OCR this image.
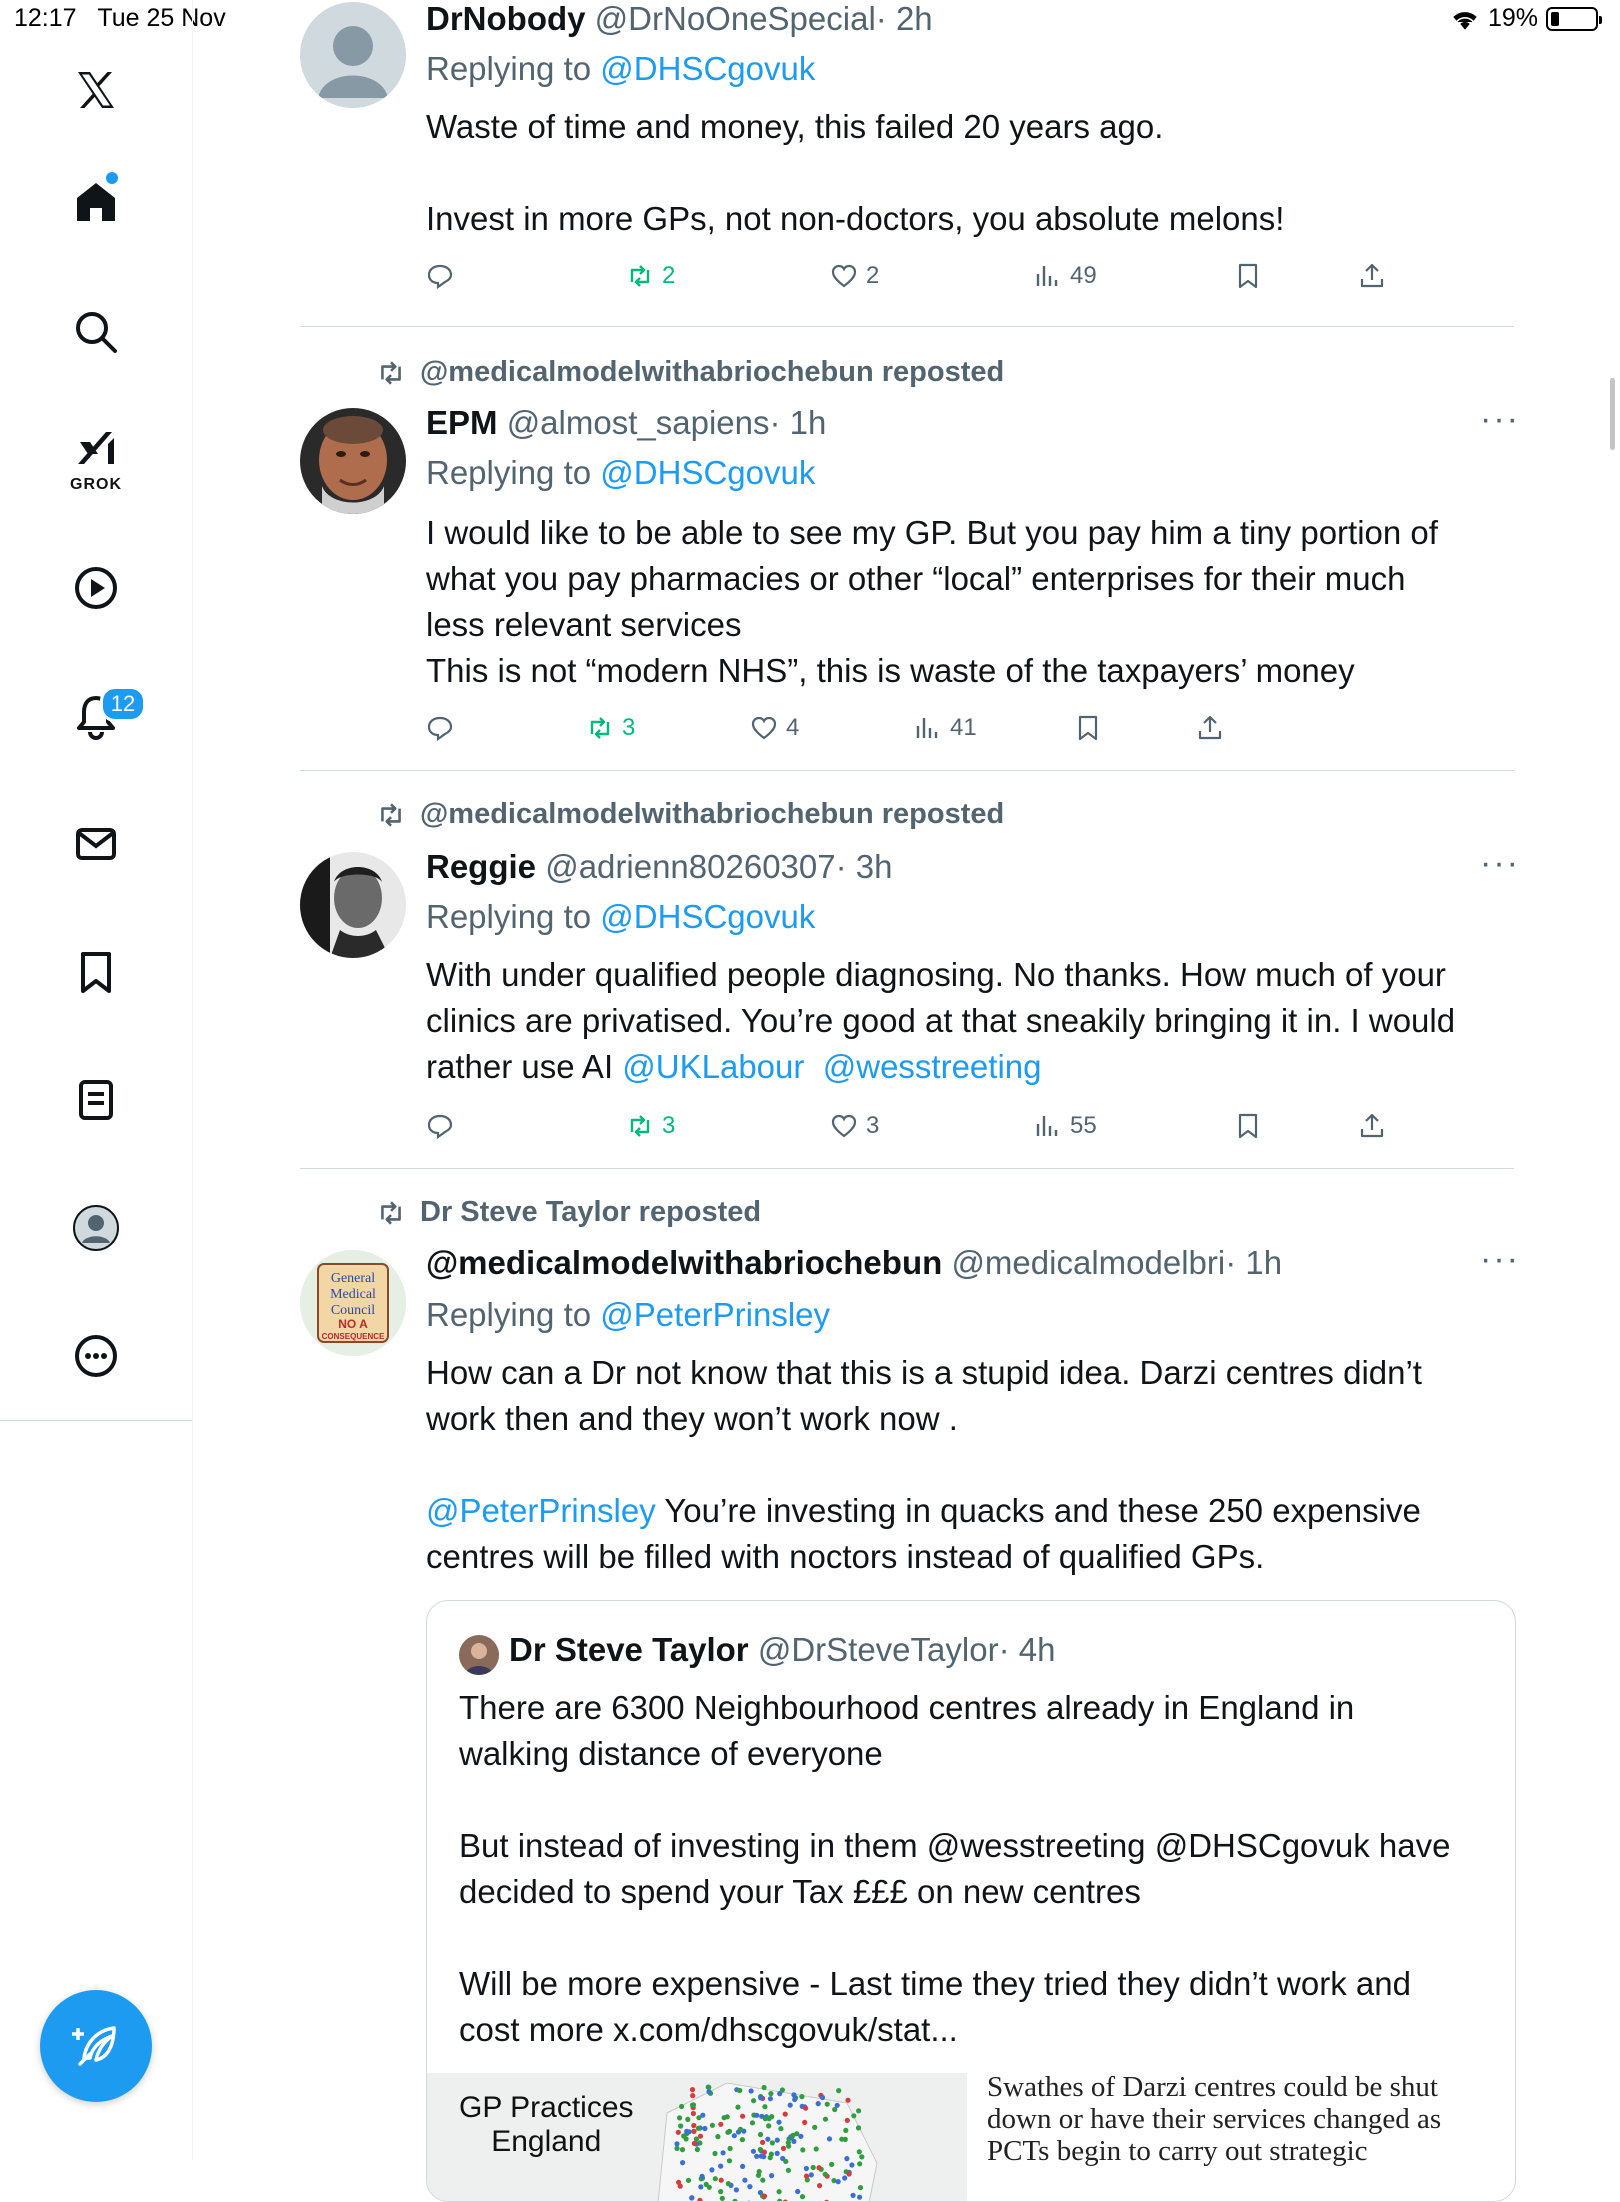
12:17 Tue 25 Nov	19%
GROK
12
DrNobody @DrNoOneSpecial· 2h
Replying to @DHSCgovuk
Waste of time and money, this failed 20 years ago.
Invest in more GPs, not non-doctors, you absolute melons!
2	2	49
@medicalmodelwithabriochebun reposted
EPM @almost_sapiens· 1h	···
Replying to @DHSCgovuk
I would like to be able to see my GP. But you pay him a tiny portion of
what you pay pharmacies or other “local” enterprises for their much
less relevant services
This is not “modern NHS”, this is waste of the taxpayers’ money
3	4	41
@medicalmodelwithabriochebun reposted
Reggie @adrienn80260307· 3h	···
Replying to @DHSCgovuk
With under qualified people diagnosing. No thanks. How much of your
clinics are privatised. You’re good at that sneakily bringing it in. I would
rather use AI @UKLabour @wesstreeting
3	3	55
Dr Steve Taylor reposted
General
Medical
Council
NO A
CONSEQUENCE
@medicalmodelwithabriochebun @medicalmodelbri· 1h	···
Replying to @PeterPrinsley
How can a Dr not know that this is a stupid idea. Darzi centres didn’t
work then and they won’t work now .
@PeterPrinsley You’re investing in quacks and these 250 expensive
centres will be filled with noctors instead of qualified GPs.
Dr Steve Taylor @DrSteveTaylor· 4h
There are 6300 Neighbourhood centres already in England in
walking distance of everyone
But instead of investing in them @wesstreeting @DHSCgovuk have
decided to spend your Tax £££ on new centres
Will be more expensive - Last time they tried they didn’t work and
cost more x.com/dhscgovuk/stat...
GP Practices
England
Swathes of Darzi centres could be shut
down or have their services changed as
PCTs begin to carry out strategic
